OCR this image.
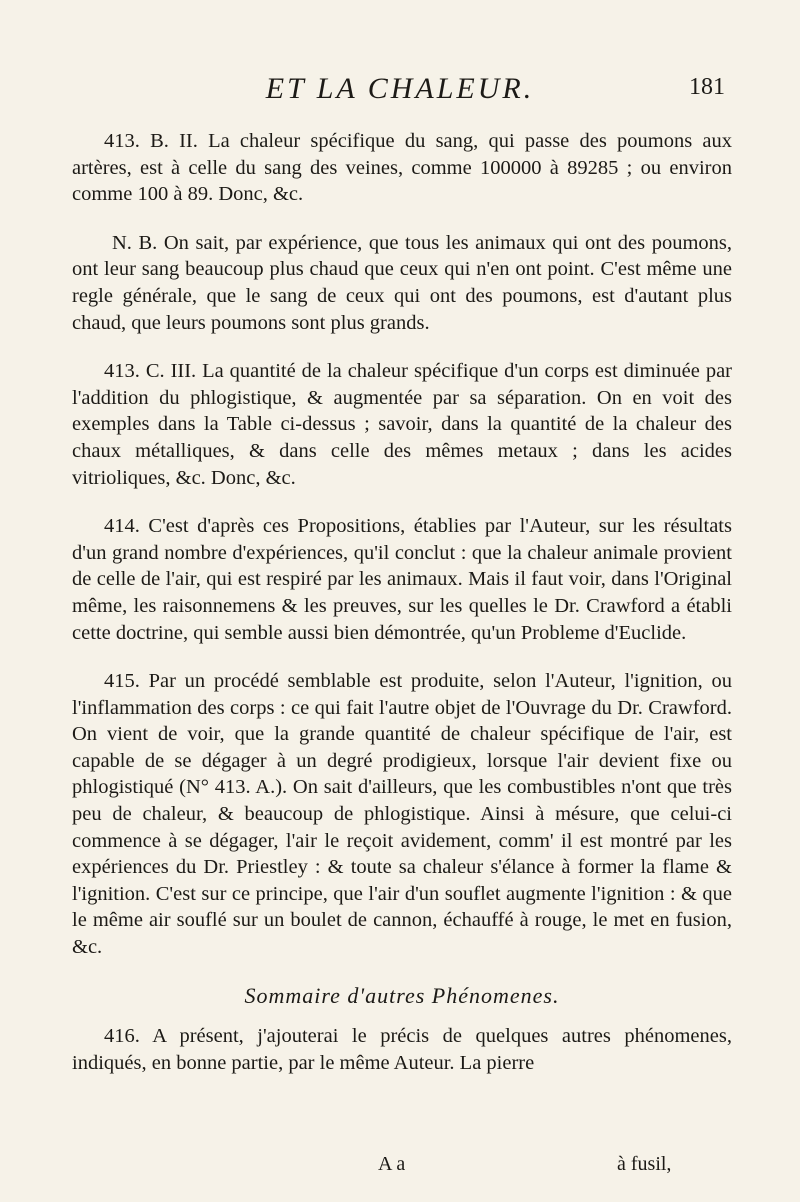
ET LA CHALEUR.	181

413. B. II. La chaleur spécifique du sang, qui passe des poumons aux artères, est à celle du sang des veines, comme 100000 à 89285 ; ou environ comme 100 à 89. Donc, &c.

N. B. On sait, par expérience, que tous les animaux qui ont des poumons, ont leur sang beaucoup plus chaud que ceux qui n'en ont point. C'est même une regle générale, que le sang de ceux qui ont des poumons, est d'autant plus chaud, que leurs poumons sont plus grands.

413. C. III. La quantité de la chaleur spécifique d'un corps est diminuée par l'addition du phlogistique, & augmentée par sa séparation. On en voit des exemples dans la Table ci-dessus ; savoir, dans la quantité de la chaleur des chaux métalliques, & dans celle des mêmes metaux ; dans les acides vitrioliques, &c. Donc, &c.

414. C'est d'après ces Propositions, établies par l'Auteur, sur les résultats d'un grand nombre d'expériences, qu'il conclut : que la chaleur animale provient de celle de l'air, qui est respiré par les animaux. Mais il faut voir, dans l'Original même, les raisonnemens & les preuves, sur les quelles le Dr. Crawford a établi cette doctrine, qui semble aussi bien démontrée, qu'un Probleme d'Euclide.

415. Par un procédé semblable est produite, selon l'Auteur, l'ignition, ou l'inflammation des corps : ce qui fait l'autre objet de l'Ouvrage du Dr. Crawford. On vient de voir, que la grande quantité de chaleur spécifique de l'air, est capable de se dégager à un degré prodigieux, lorsque l'air devient fixe ou phlogistiqué (N° 413. A.). On sait d'ailleurs, que les combustibles n'ont que très peu de chaleur, & beaucoup de phlogistique. Ainsi à mésure, que celui-ci commence à se dégager, l'air le reçoit avidement, comm' il est montré par les expériences du Dr. Priestley : & toute sa chaleur s'élance à former la flame & l'ignition. C'est sur ce principe, que l'air d'un souflet augmente l'ignition : & que le même air souflé sur un boulet de cannon, échauffé à rouge, le met en fusion, &c.

Sommaire d'autres Phénomenes.

416. A présent, j'ajouterai le précis de quelques autres phénomenes, indiqués, en bonne partie, par le même Auteur. La pierre

A a	à fusil,
